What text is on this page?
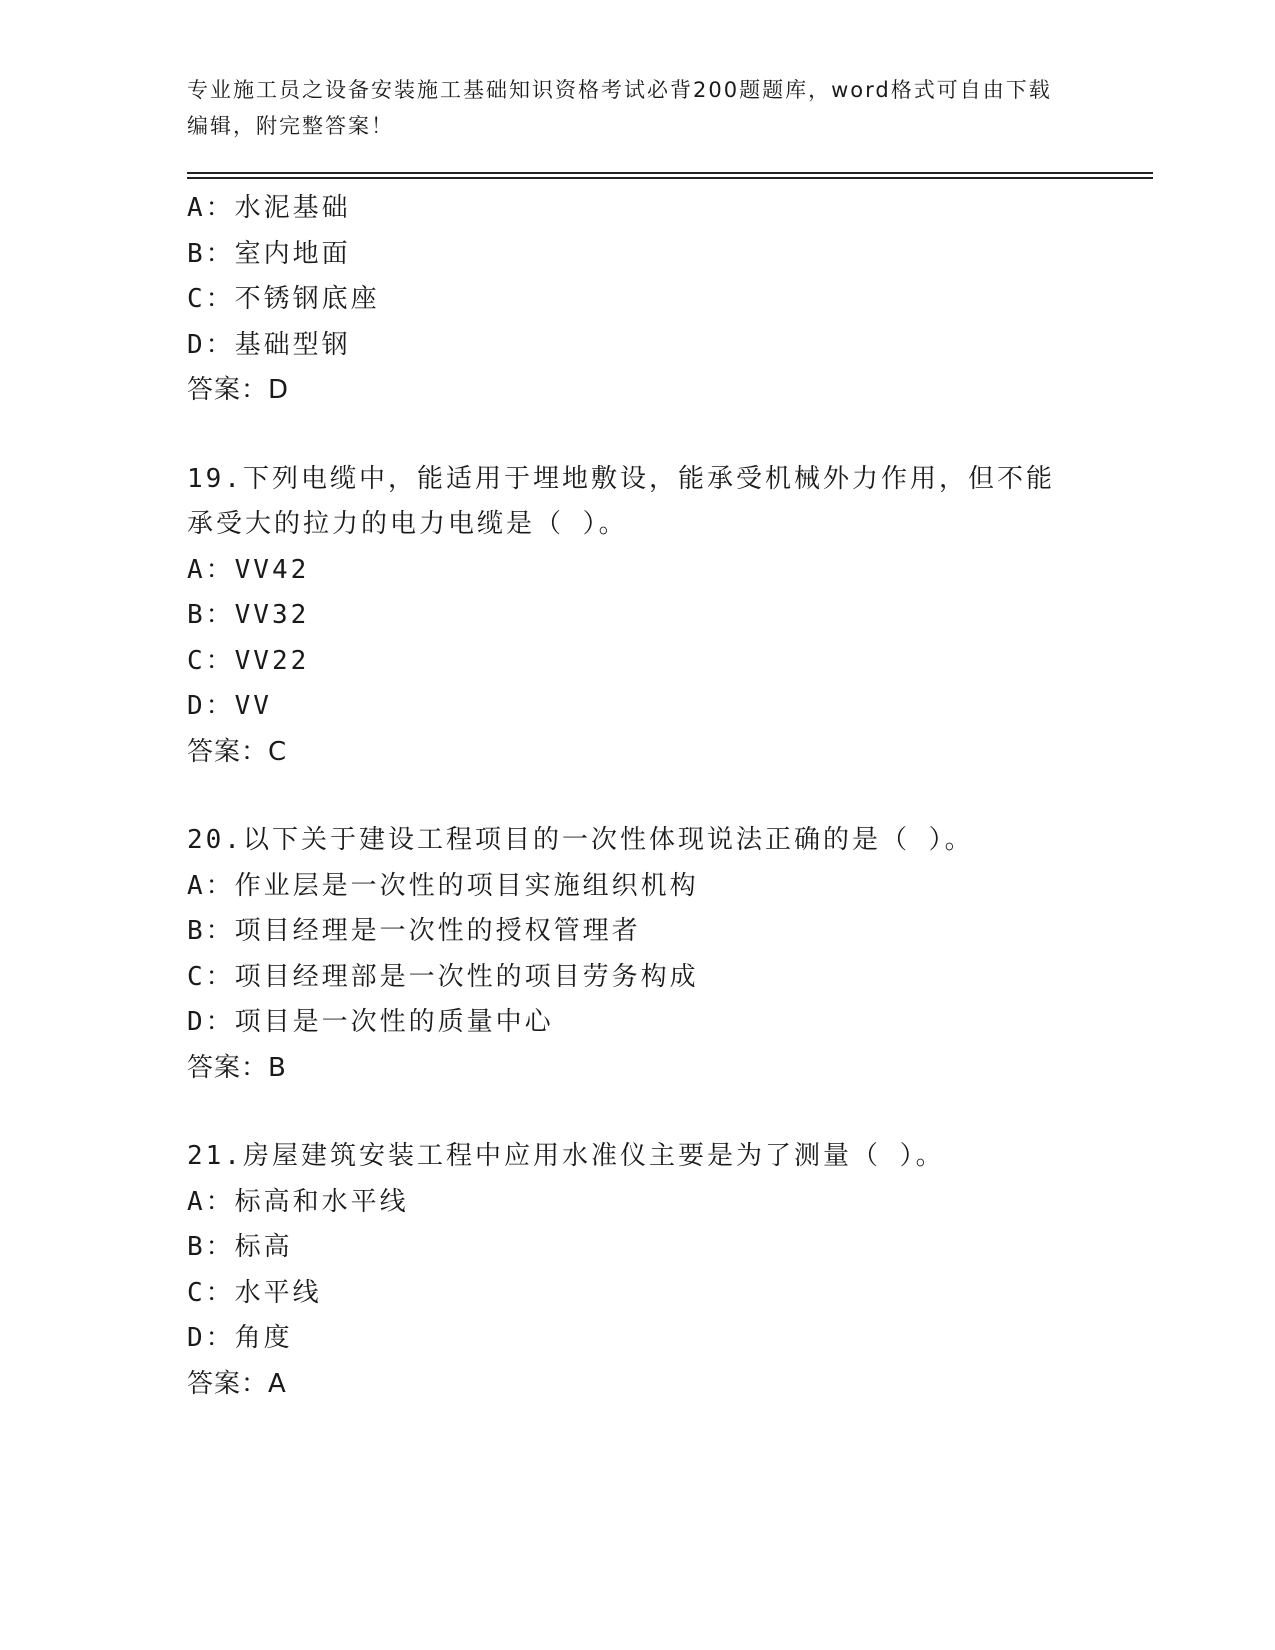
专业施工员之设备安装施工基础知识资格考试必背200题题库，word格式可自由下载编辑，附完整答案！
A：水泥基础
B：室内地面
C：不锈钢底座
D：基础型钢
答案：D
19.下列电缆中，能适用于埋地敷设，能承受机械外力作用，但不能承受大的拉力的电力电缆是（ ）。
A：VV42
B：VV32
C：VV22
D：VV
答案：C
20.以下关于建设工程项目的一次性体现说法正确的是（ ）。
A：作业层是一次性的项目实施组织机构
B：项目经理是一次性的授权管理者
C：项目经理部是一次性的项目劳务构成
D：项目是一次性的质量中心
答案：B
21.房屋建筑安装工程中应用水准仪主要是为了测量（ ）。
A：标高和水平线
B：标高
C：水平线
D：角度
答案：A
